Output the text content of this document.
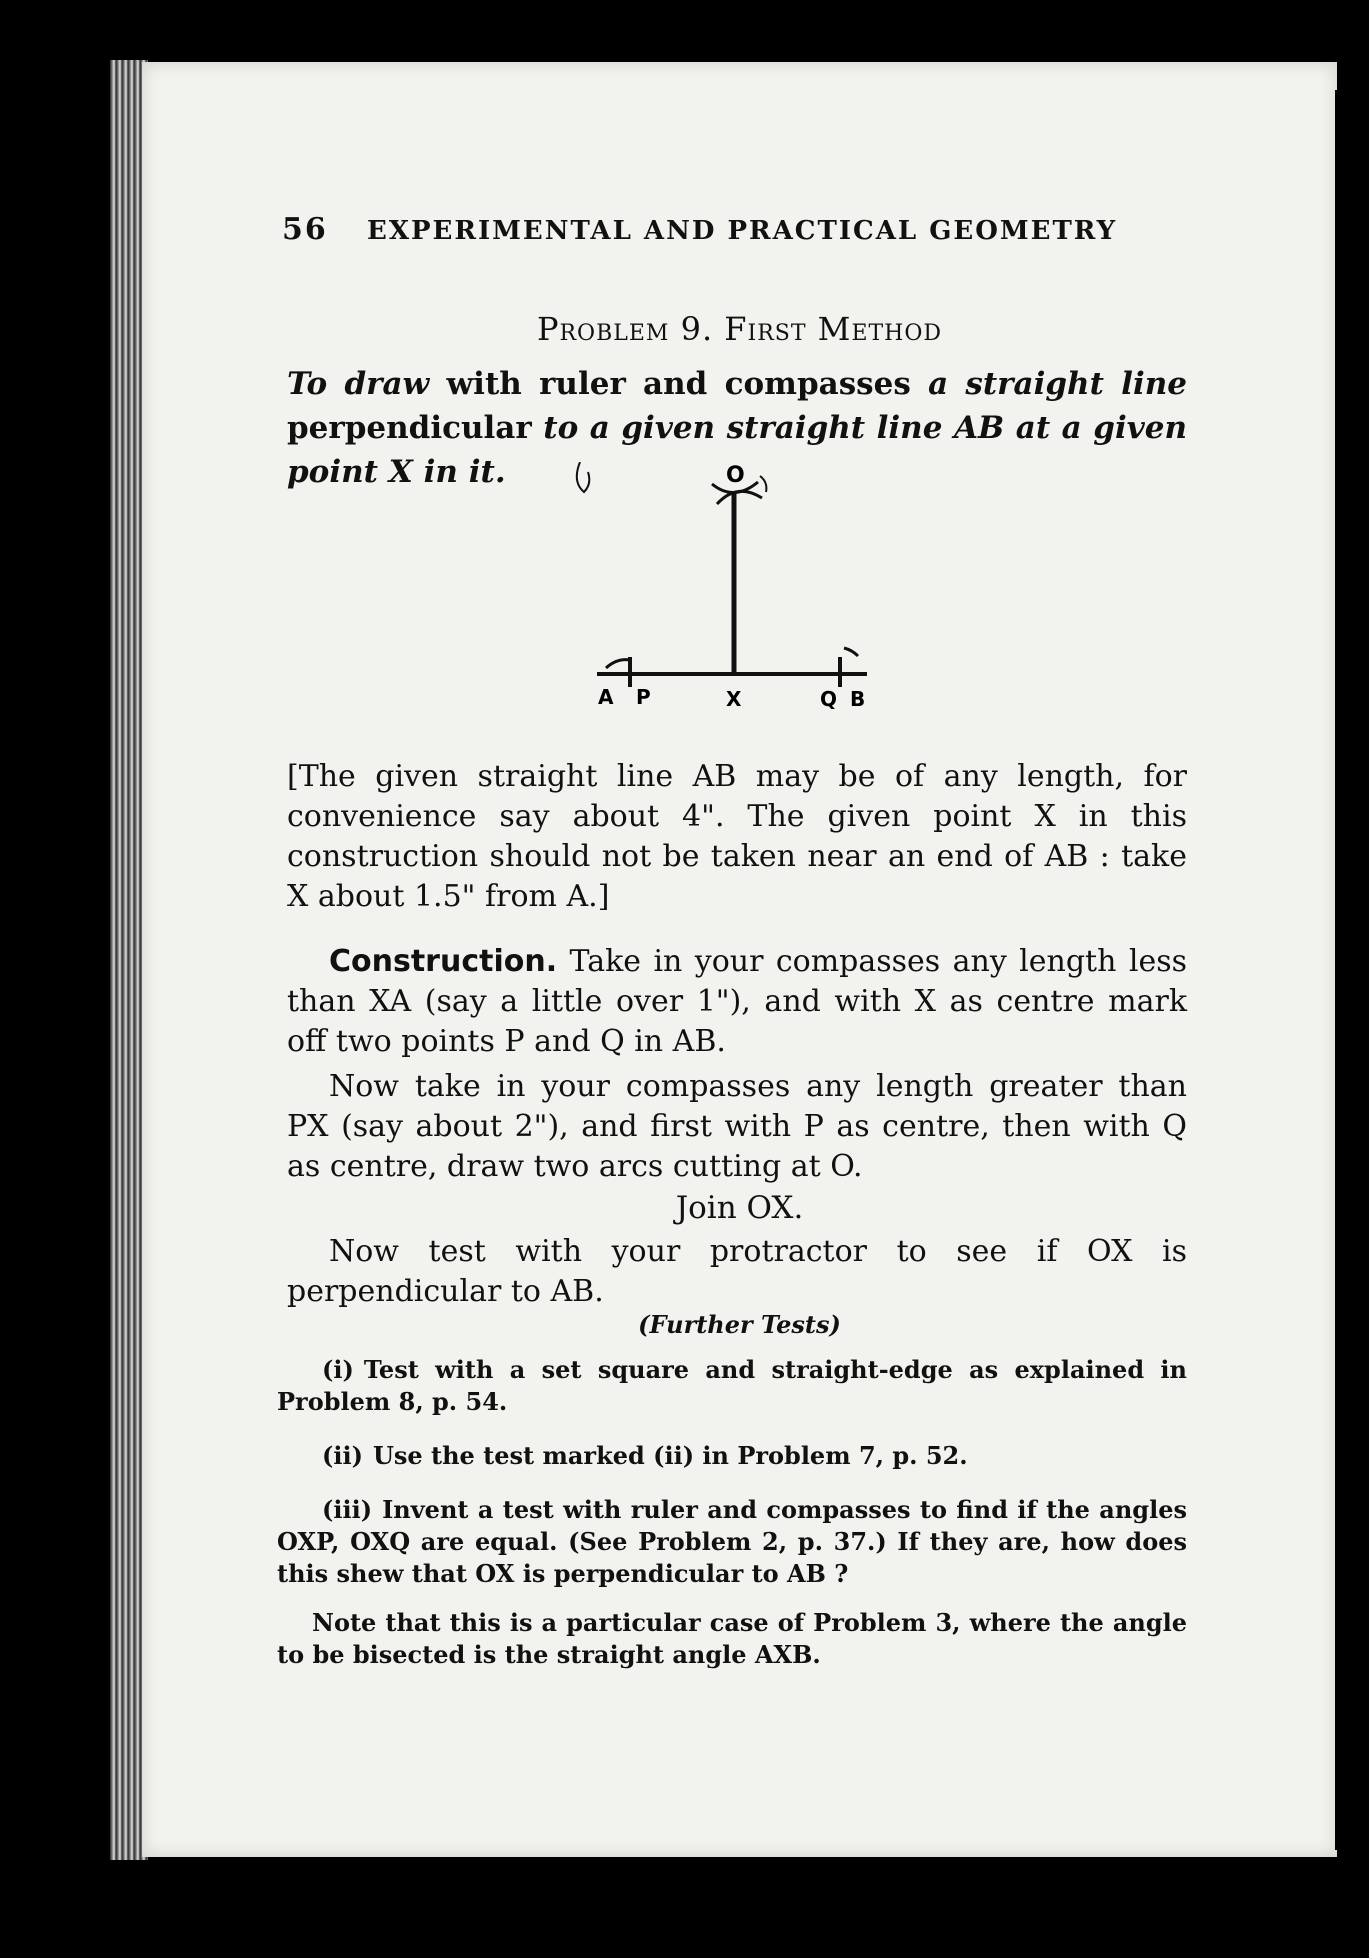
56 EXPERIMENTAL AND PRACTICAL GEOMETRY
Problem 9. First Method
To draw with ruler and compasses a straight line perpendicular to a given straight line AB at a given point X in it.	O
A P	X	Q B
[The given straight line AB may be of any length, for convenience say about 4". The given point X in this construction should not be taken near an end of AB : take X about 1.5" from A.]
Construction. Take in your compasses any length less than XA (say a little over 1"), and with X as centre mark off two points P and Q in AB.
Now take in your compasses any length greater than PX (say about 2"), and first with P as centre, then with Q as centre, draw two arcs cutting at O.
Join OX.
Now test with your protractor to see if OX is perpendicular to AB.
(Further Tests)
(i) Test with a set square and straight-edge as explained in Problem 8, p. 54.
(ii) Use the test marked (ii) in Problem 7, p. 52.
(iii) Invent a test with ruler and compasses to find if the angles OXP, OXQ are equal. (See Problem 2, p. 37.) If they are, how does this shew that OX is perpendicular to AB ?
Note that this is a particular case of Problem 3, where the angle to be bisected is the straight angle AXB.
